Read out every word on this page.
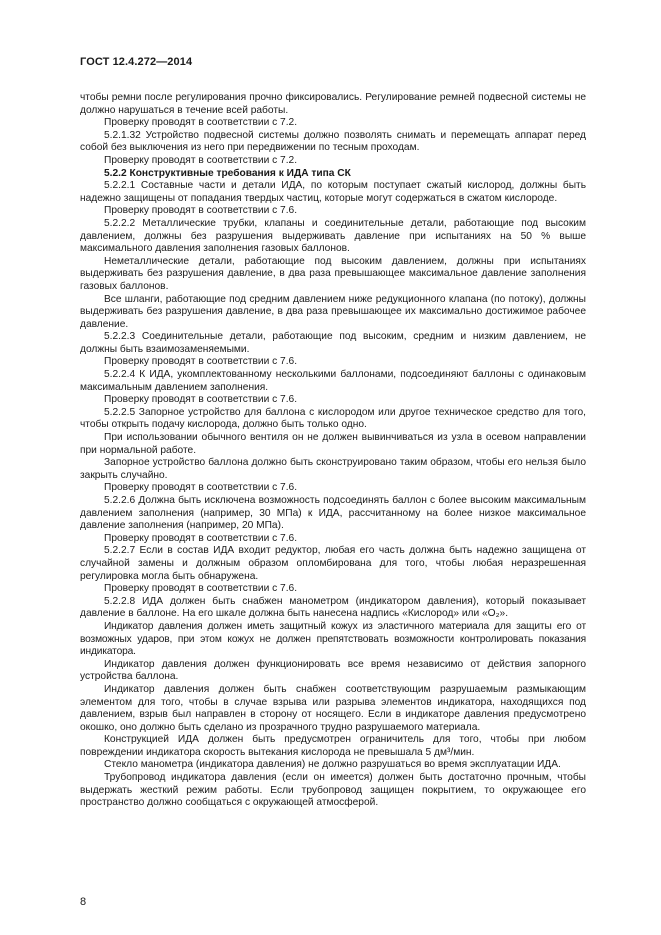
ГОСТ 12.4.272—2014

чтобы ремни после регулирования прочно фиксировались. Регулирование ремней подвесной системы не должно нарушаться в течение всей работы.

Проверку проводят в соответствии с 7.2.

5.2.1.32 Устройство подвесной системы должно позволять снимать и перемещать аппарат перед собой без выключения из него при передвижении по тесным проходам.

Проверку проводят в соответствии с 7.2.

5.2.2 Конструктивные требования к ИДА типа СК

5.2.2.1 Составные части и детали ИДА, по которым поступает сжатый кислород, должны быть надежно защищены от попадания твердых частиц, которые могут содержаться в сжатом кислороде.

Проверку проводят в соответствии с 7.6.

5.2.2.2 Металлические трубки, клапаны и соединительные детали, работающие под высоким давлением, должны без разрушения выдерживать давление при испытаниях на 50 % выше максимального давления заполнения газовых баллонов.

Неметаллические детали, работающие под высоким давлением, должны при испытаниях выдерживать без разрушения давление, в два раза превышающее максимальное давление заполнения газовых баллонов.

Все шланги, работающие под средним давлением ниже редукционного клапана (по потоку), должны выдерживать без разрушения давление, в два раза превышающее их максимально достижимое рабочее давление.

5.2.2.3 Соединительные детали, работающие под высоким, средним и низким давлением, не должны быть взаимозаменяемыми.

Проверку проводят в соответствии с 7.6.

5.2.2.4 К ИДА, укомплектованному несколькими баллонами, подсоединяют баллоны с одинаковым максимальным давлением заполнения.

Проверку проводят в соответствии с 7.6.

5.2.2.5 Запорное устройство для баллона с кислородом или другое техническое средство для того, чтобы открыть подачу кислорода, должно быть только одно.

При использовании обычного вентиля он не должен вывинчиваться из узла в осевом направлении при нормальной работе.

Запорное устройство баллона должно быть сконструировано таким образом, чтобы его нельзя было закрыть случайно.

Проверку проводят в соответствии с 7.6.

5.2.2.6 Должна быть исключена возможность подсоединять баллон с более высоким максимальным давлением заполнения (например, 30 МПа) к ИДА, рассчитанному на более низкое максимальное давление заполнения (например, 20 МПа).

Проверку проводят в соответствии с 7.6.

5.2.2.7 Если в состав ИДА входит редуктор, любая его часть должна быть надежно защищена от случайной замены и должным образом опломбирована для того, чтобы любая неразрешенная регулировка могла быть обнаружена.

Проверку проводят в соответствии с 7.6.

5.2.2.8 ИДА должен быть снабжен манометром (индикатором давления), который показывает давление в баллоне. На его шкале должна быть нанесена надпись «Кислород» или «О₂».

Индикатор давления должен иметь защитный кожух из эластичного материала для защиты его от возможных ударов, при этом кожух не должен препятствовать возможности контролировать показания индикатора.

Индикатор давления должен функционировать все время независимо от действия запорного устройства баллона.

Индикатор давления должен быть снабжен соответствующим разрушаемым размыкающим элементом для того, чтобы в случае взрыва или разрыва элементов индикатора, находящихся под давлением, взрыв был направлен в сторону от носящего. Если в индикаторе давления предусмотрено окошко, оно должно быть сделано из прозрачного трудно разрушаемого материала.

Конструкцией ИДА должен быть предусмотрен ограничитель для того, чтобы при любом повреждении индикатора скорость вытекания кислорода не превышала 5 дм³/мин.

Стекло манометра (индикатора давления) не должно разрушаться во время эксплуатации ИДА.

Трубопровод индикатора давления (если он имеется) должен быть достаточно прочным, чтобы выдержать жесткий режим работы. Если трубопровод защищен покрытием, то окружающее его пространство должно сообщаться с окружающей атмосферой.

8
